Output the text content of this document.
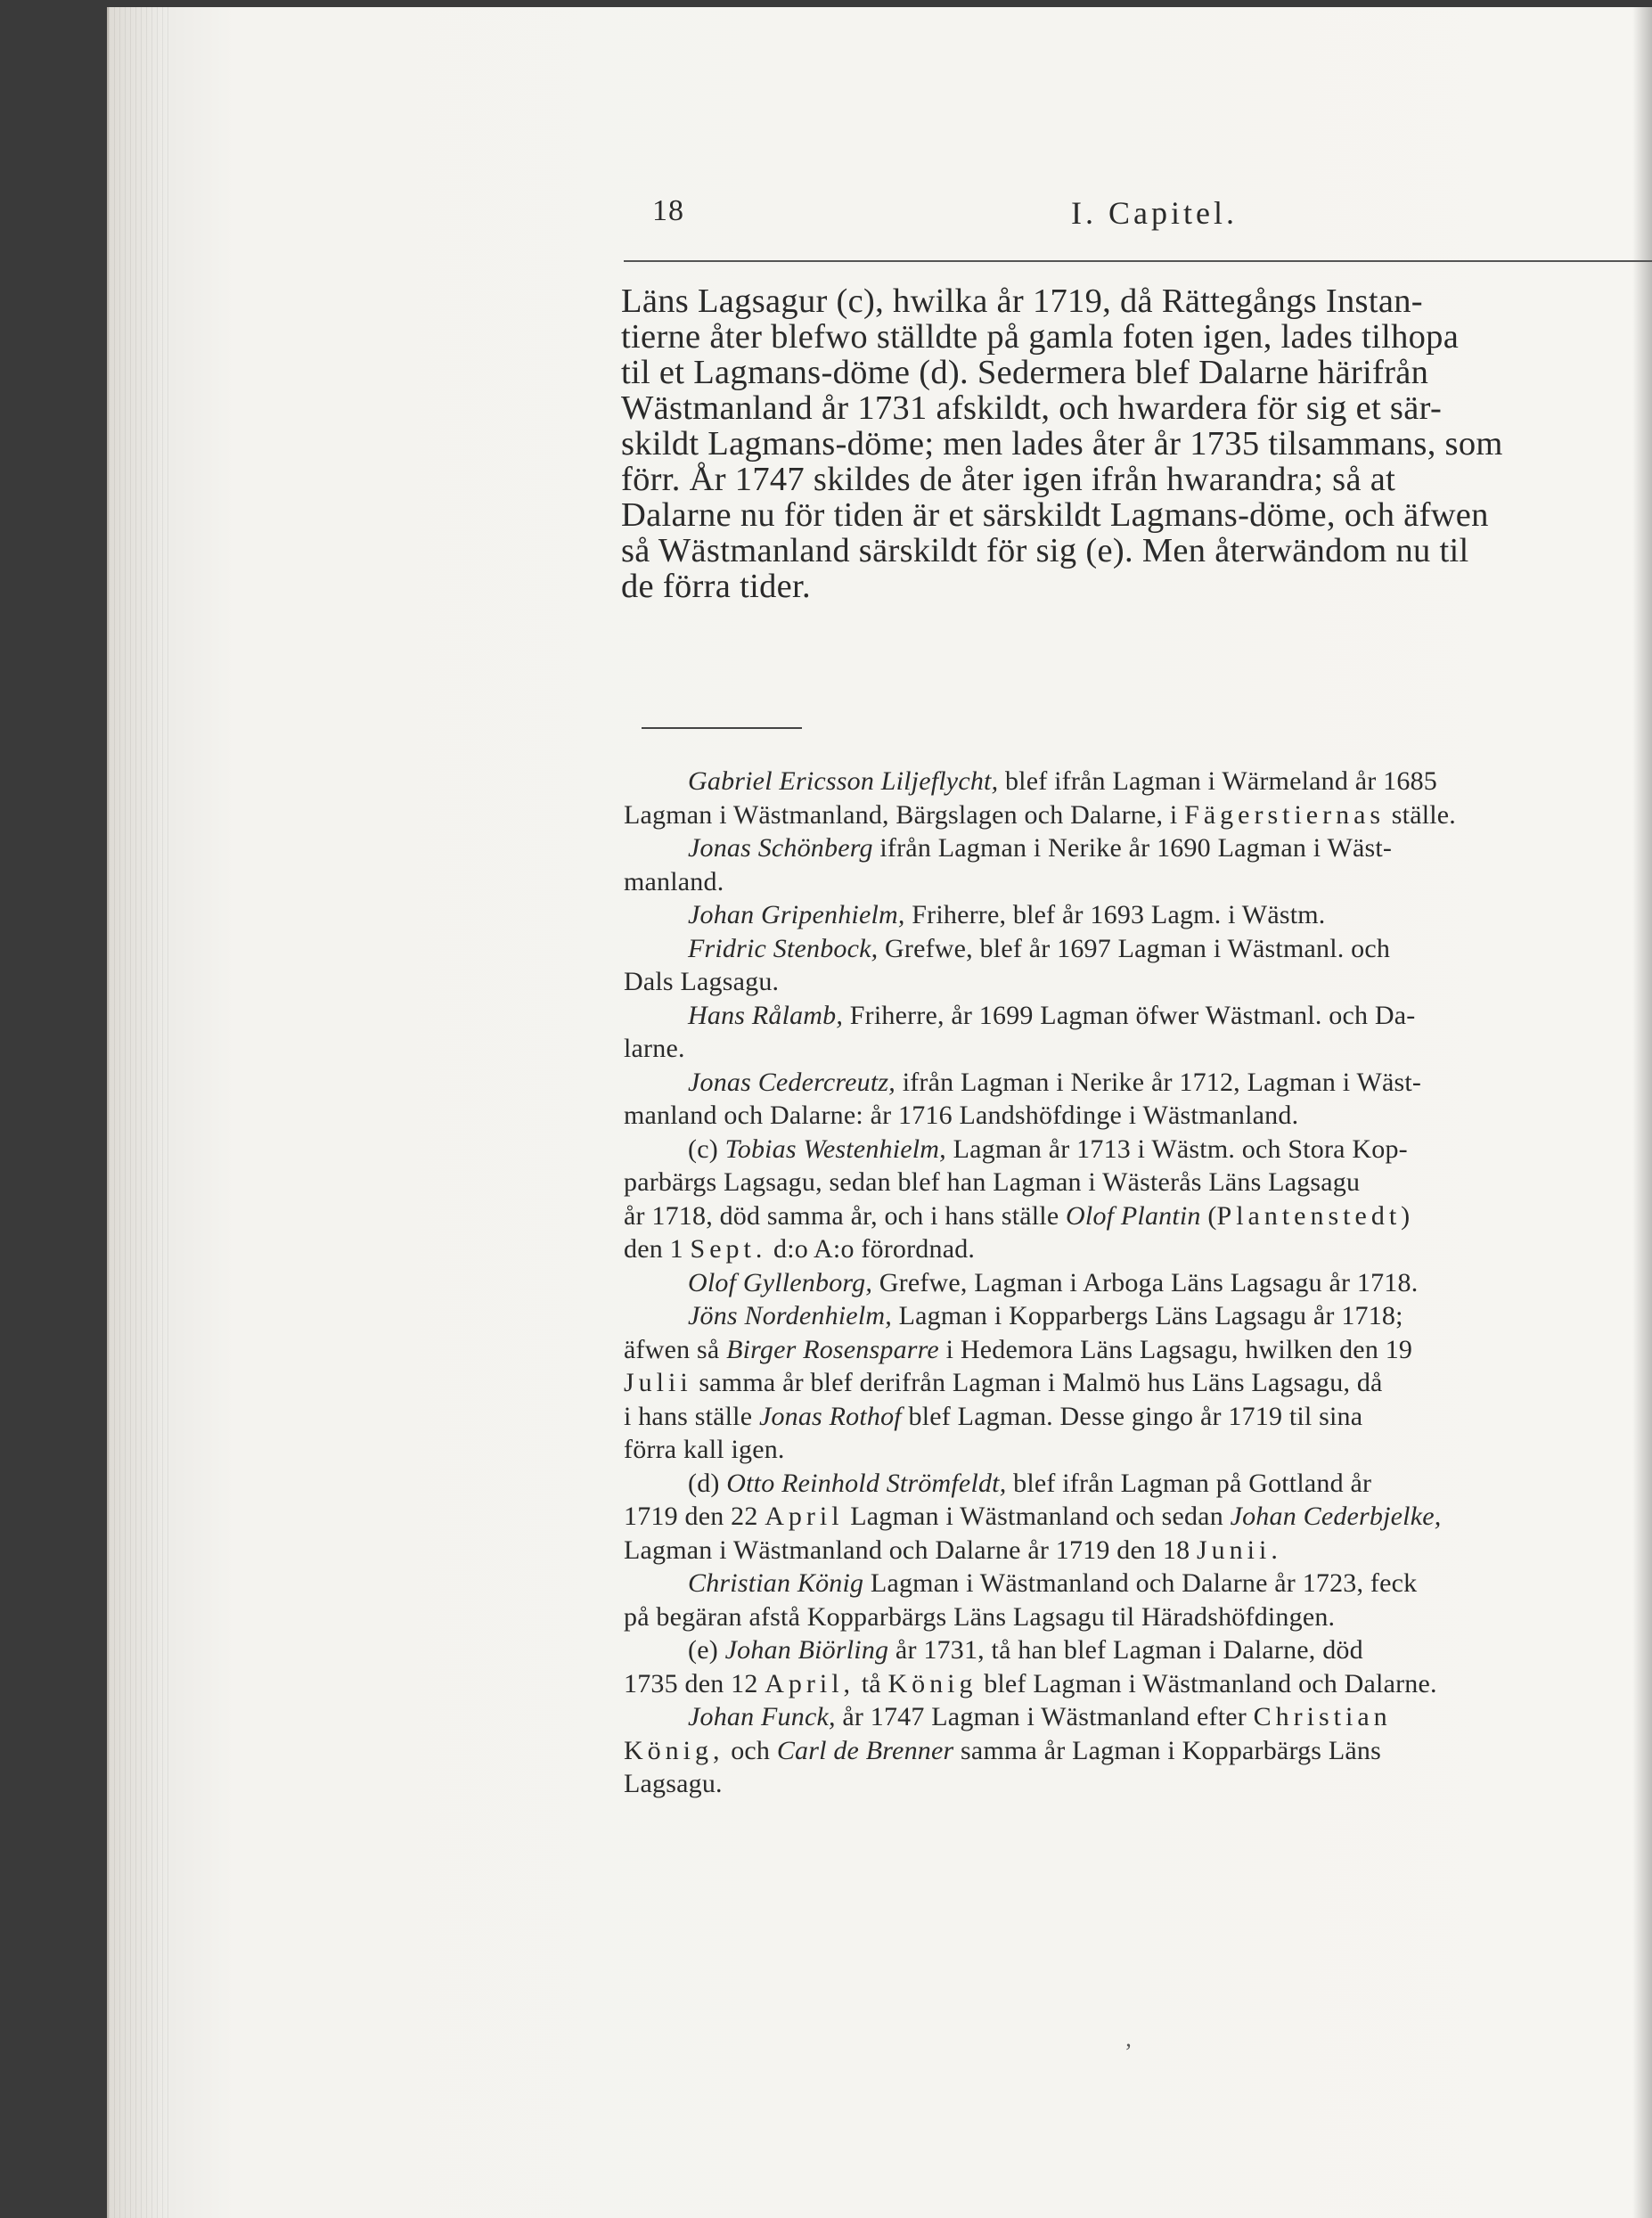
18	I. Capitel.
Läns Lagsagur (c), hwilka år 1719, då Rättegångs Instan-
tierne åter blefwo ställdte på gamla foten igen, lades tilhopa
til et Lagmans-döme (d). Sedermera blef Dalarne härifrån
Wästmanland år 1731 afskildt, och hwardera för sig et sär-
skildt Lagmans-döme; men lades åter år 1735 tilsammans, som
förr. År 1747 skildes de åter igen ifrån hwarandra; så at
Dalarne nu för tiden är et särskildt Lagmans-döme, och äfwen
så Wästmanland särskildt för sig (e). Men återwändom nu til
de förra tider.
Gabriel Ericsson Liljeflycht, blef ifrån Lagman i Wärmeland år 1685
Lagman i Wästmanland, Bärgslagen och Dalarne, i Fägerstiernas ställe.
Jonas Schönberg ifrån Lagman i Nerike år 1690 Lagman i Wäst-
manland.
Johan Gripenhielm, Friherre, blef år 1693 Lagm. i Wästm.
Fridric Stenbock, Grefwe, blef år 1697 Lagman i Wästmanl. och
Dals Lagsagu.
Hans Rålamb, Friherre, år 1699 Lagman öfwer Wästmanl. och Da-
larne.
Jonas Cedercreutz, ifrån Lagman i Nerike år 1712, Lagman i Wäst-
manland och Dalarne: år 1716 Landshöfdinge i Wästmanland.
(c) Tobias Westenhielm, Lagman år 1713 i Wästm. och Stora Kop-
parbärgs Lagsagu, sedan blef han Lagman i Wästerås Läns Lagsagu
år 1718, död samma år, och i hans ställe Olof Plantin (Plantenstedt)
den 1 Sept. d:o A:o förordnad.
Olof Gyllenborg, Grefwe, Lagman i Arboga Läns Lagsagu år 1718.
Jöns Nordenhielm, Lagman i Kopparbergs Läns Lagsagu år 1718;
äfwen så Birger Rosensparre i Hedemora Läns Lagsagu, hwilken den 19
Julii samma år blef derifrån Lagman i Malmö hus Läns Lagsagu, då
i hans ställe Jonas Rothof blef Lagman. Desse gingo år 1719 til sina
förra kall igen.
(d) Otto Reinhold Strömfeldt, blef ifrån Lagman på Gottland år
1719 den 22 April Lagman i Wästmanland och sedan Johan Cederbjelke,
Lagman i Wästmanland och Dalarne år 1719 den 18 Junii.
Christian König Lagman i Wästmanland och Dalarne år 1723, feck
på begäran afstå Kopparbärgs Läns Lagsagu til Häradshöfdingen.
(e) Johan Biörling år 1731, tå han blef Lagman i Dalarne, död
1735 den 12 April, tå König blef Lagman i Wästmanland och Dalarne.
Johan Funck, år 1747 Lagman i Wästmanland efter Christian
König, och Carl de Brenner samma år Lagman i Kopparbärgs Läns
Lagsagu.
ʼ
